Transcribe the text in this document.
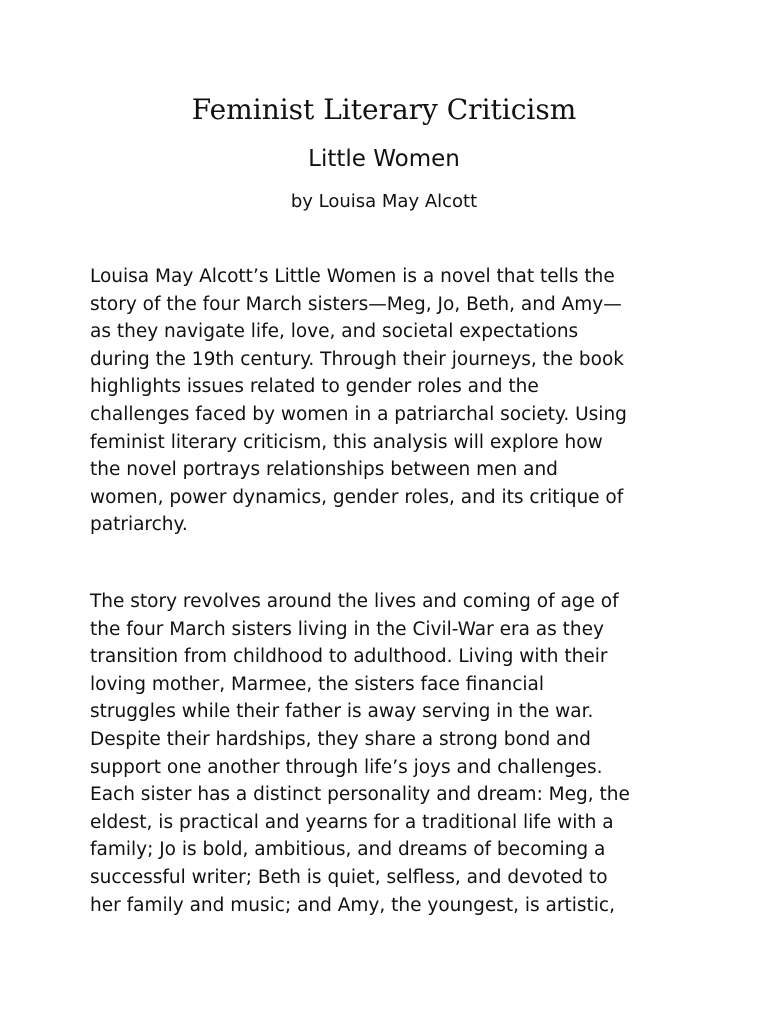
Feminist Literary Criticism
Little Women
by Louisa May Alcott

Louisa May Alcott’s Little Women is a novel that tells the
story of the four March sisters—Meg, Jo, Beth, and Amy—
as they navigate life, love, and societal expectations
during the 19th century. Through their journeys, the book
highlights issues related to gender roles and the
challenges faced by women in a patriarchal society. Using
feminist literary criticism, this analysis will explore how
the novel portrays relationships between men and
women, power dynamics, gender roles, and its critique of
patriarchy.

The story revolves around the lives and coming of age of
the four March sisters living in the Civil-War era as they
transition from childhood to adulthood. Living with their
loving mother, Marmee, the sisters face financial
struggles while their father is away serving in the war.
Despite their hardships, they share a strong bond and
support one another through life’s joys and challenges.
Each sister has a distinct personality and dream: Meg, the
eldest, is practical and yearns for a traditional life with a
family; Jo is bold, ambitious, and dreams of becoming a
successful writer; Beth is quiet, selfless, and devoted to
her family and music; and Amy, the youngest, is artistic,
